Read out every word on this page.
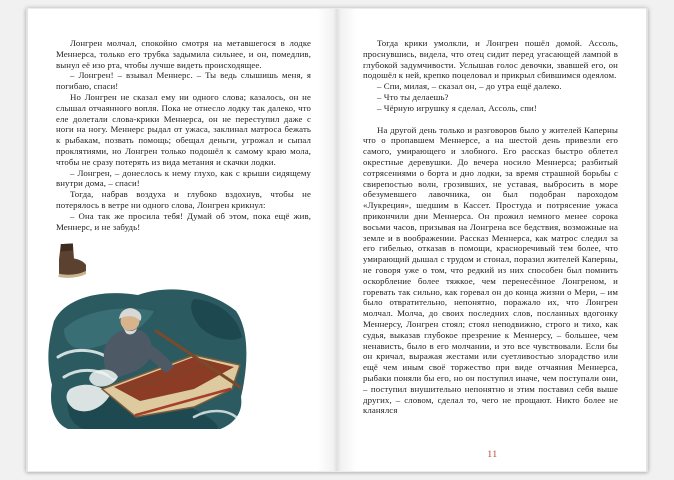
Лонгрен молчал, спокойно смотря на метавшегося в лодке Меннерса, только его трубка задымила сильнее, и он, помедлив, вынул её изо рта, чтобы лучше видеть происходящее.

– Лонгрен! – взывал Меннерс. – Ты ведь слышишь меня, я погибаю, спаси!

Но Лонгрен не сказал ему ни одного слова; казалось, он не слышал отчаянного вопля. Пока не отнесло лодку так далеко, что еле долетали слова-крики Меннерса, он не переступил даже с ноги на ногу. Меннерс рыдал от ужаса, заклинал матроса бежать к рыбакам, позвать помощь; обещал деньги, угрожал и сыпал проклятиями, но Лонгрен только подошёл к самому краю мола, чтобы не сразу потерять из вида метания и скачки лодки.

– Лонгрен, – донеслось к нему глухо, как с крыши сидящему внутри дома, – спаси!

Тогда, набрав воздуха и глубоко вздохнув, чтобы не потерялось в ветре ни одного слова, Лонгрен крикнул:

– Она так же просила тебя! Думай об этом, пока ещё жив, Меннерс, и не забудь!

Тогда крики умолкли, и Лонгрен пошёл домой. Ассоль, проснувшись, видела, что отец сидит перед угасающей лампой в глубокой задумчивости. Услышав голос девочки, звавшей его, он подошёл к ней, крепко поцеловал и прикрыл сбившимся одеялом.

– Спи, милая, – сказал он, – до утра ещё далеко.

– Что ты делаешь?

– Чёрную игрушку я сделал, Ассоль, спи!

На другой день только и разговоров было у жителей Каперны что о пропавшем Меннерсе, а на шестой день привезли его самого, умирающего и злобного. Его рассказ быстро облетел окрестные деревушки. До вечера носило Меннерса; разбитый сотрясениями о борта и дно лодки, за время страшной борьбы с свирепостью волн, грозивших, не уставая, выбросить в море обезумевшего лавочника, он был подобран пароходом «Лукреция», шедшим в Кассет. Простуда и потрясение ужаса прикончили дни Меннерса. Он прожил немного менее сорока восьми часов, призывая на Лонгрена все бедствия, возможные на земле и в воображении. Рассказ Меннерса, как матрос следил за его гибелью, отказав в помощи, красноречивый тем более, что умирающий дышал с трудом и стонал, поразил жителей Каперны, не говоря уже о том, что редкий из них способен был помнить оскорбление более тяжкое, чем перенесённое Лонгреном, и горевать так сильно, как горевал он до конца жизни о Мери, – им было отвратительно, непонятно, поражало их, что Лонгрен молчал. Молча, до своих последних слов, посланных вдогонку Меннерсу, Лонгрен стоял; стоял неподвижно, строго и тихо, как судья, выказав глубокое презрение к Меннерсу, – большее, чем ненависть, было в его молчании, и это все чувствовали. Если бы он кричал, выражая жестами или суетливостью злорадство или ещё чем иным своё торжество при виде отчаяния Меннерса, рыбаки поняли бы его, но он поступил иначе, чем поступали они, – поступил внушительно непонятно и этим поставил себя выше других, – словом, сделал то, чего не прощают. Никто более не кланялся

11
